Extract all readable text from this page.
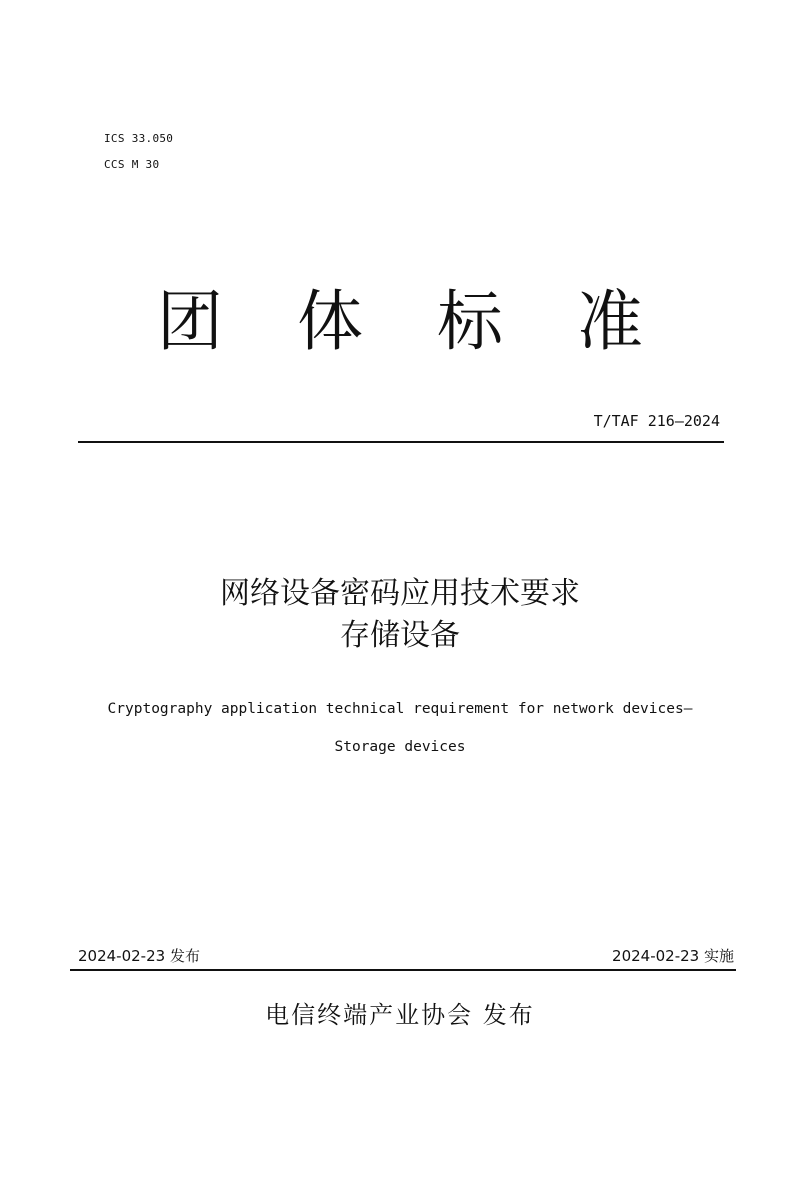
ICS 33.050
CCS M 30
团 体 标 准
T/TAF 216—2024
网络设备密码应用技术要求
存储设备
Cryptography application technical requirement for network devices—
Storage devices
2024-02-23 发布	2024-02-23 实施
电信终端产业协会 发布
